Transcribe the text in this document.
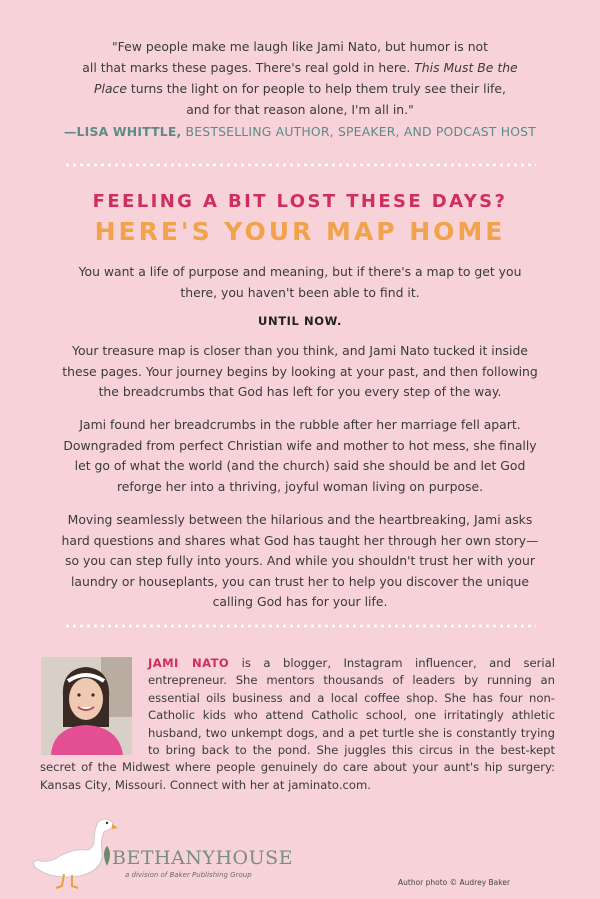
"Few people make me laugh like Jami Nato, but humor is not
all that marks these pages. There's real gold in here. This Must Be the
Place turns the light on for people to help them truly see their life,
and for that reason alone, I'm all in."
—LISA WHITTLE, BESTSELLING AUTHOR, SPEAKER, AND PODCAST HOST
FEELING A BIT LOST THESE DAYS?
HERE'S YOUR MAP HOME
You want a life of purpose and meaning, but if there's a map to get you there, you haven't been able to find it.
UNTIL NOW.
Your treasure map is closer than you think, and Jami Nato tucked it inside these pages. Your journey begins by looking at your past, and then following the breadcrumbs that God has left for you every step of the way.
Jami found her breadcrumbs in the rubble after her marriage fell apart. Downgraded from perfect Christian wife and mother to hot mess, she finally let go of what the world (and the church) said she should be and let God reforge her into a thriving, joyful woman living on purpose.
Moving seamlessly between the hilarious and the heartbreaking, Jami asks hard questions and shares what God has taught her through her own story—so you can step fully into yours. And while you shouldn't trust her with your laundry or houseplants, you can trust her to help you discover the unique calling God has for your life.
JAMI NATO is a blogger, Instagram influencer, and serial entrepreneur. She mentors thousands of leaders by running an essential oils business and a local coffee shop. She has four non-Catholic kids who attend Catholic school, one irritatingly athletic husband, two unkempt dogs, and a pet turtle she is constantly trying to bring back to the pond. She juggles this circus in the best-kept secret of the Midwest where people genuinely do care about your aunt's hip surgery: Kansas City, Missouri. Connect with her at jaminato.com.
BETHANYHOUSE
a division of Baker Publishing Group
Author photo © Audrey Baker
